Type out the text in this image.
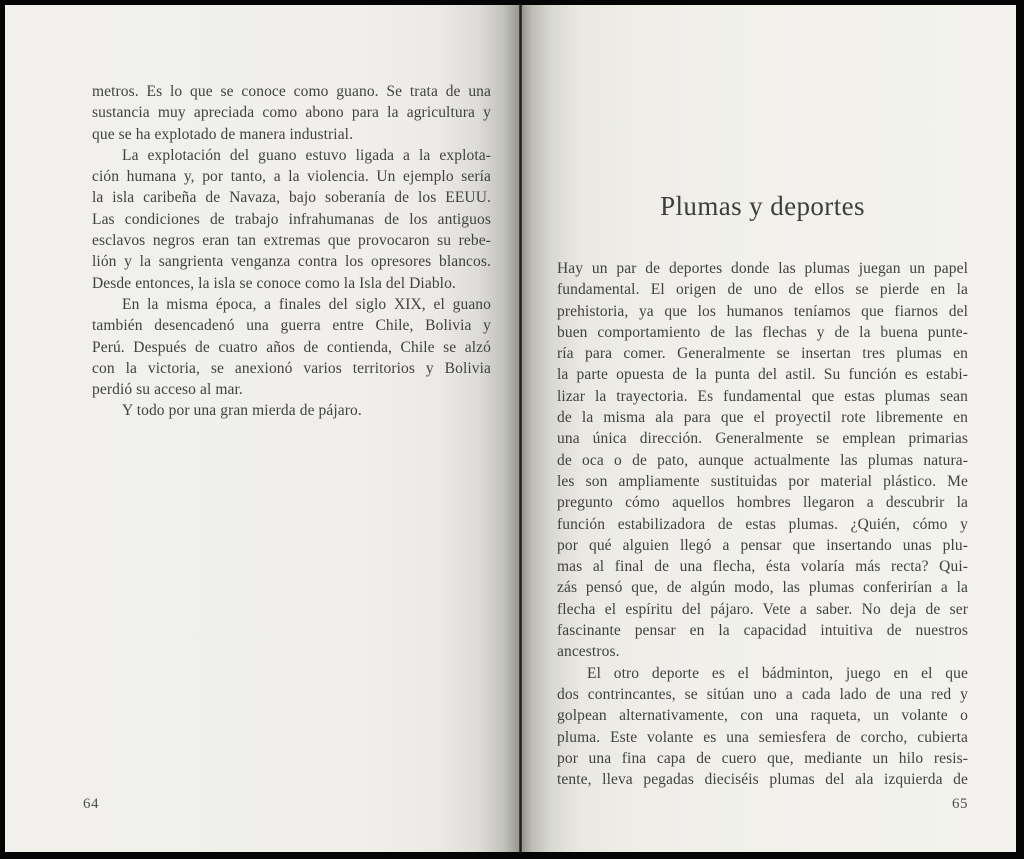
metros. Es lo que se conoce como guano. Se trata de una
sustancia muy apreciada como abono para la agricultura y
que se ha explotado de manera industrial.
La explotación del guano estuvo ligada a la explota-
ción humana y, por tanto, a la violencia. Un ejemplo sería
la isla caribeña de Navaza, bajo soberanía de los EEUU.
Las condiciones de trabajo infrahumanas de los antiguos
esclavos negros eran tan extremas que provocaron su rebe-
lión y la sangrienta venganza contra los opresores blancos.
Desde entonces, la isla se conoce como la Isla del Diablo.
En la misma época, a finales del siglo XIX, el guano
también desencadenó una guerra entre Chile, Bolivia y
Perú. Después de cuatro años de contienda, Chile se alzó
con la victoria, se anexionó varios territorios y Bolivia
perdió su acceso al mar.
Y todo por una gran mierda de pájaro.
64
Plumas y deportes
Hay un par de deportes donde las plumas juegan un papel
fundamental. El origen de uno de ellos se pierde en la
prehistoria, ya que los humanos teníamos que fiarnos del
buen comportamiento de las flechas y de la buena punte-
ría para comer. Generalmente se insertan tres plumas en
la parte opuesta de la punta del astil. Su función es estabi-
lizar la trayectoria. Es fundamental que estas plumas sean
de la misma ala para que el proyectil rote libremente en
una única dirección. Generalmente se emplean primarias
de oca o de pato, aunque actualmente las plumas natura-
les son ampliamente sustituidas por material plástico. Me
pregunto cómo aquellos hombres llegaron a descubrir la
función estabilizadora de estas plumas. ¿Quién, cómo y
por qué alguien llegó a pensar que insertando unas plu-
mas al final de una flecha, ésta volaría más recta? Qui-
zás pensó que, de algún modo, las plumas conferirían a la
flecha el espíritu del pájaro. Vete a saber. No deja de ser
fascinante pensar en la capacidad intuitiva de nuestros
ancestros.
El otro deporte es el bádminton, juego en el que
dos contrincantes, se sitúan uno a cada lado de una red y
golpean alternativamente, con una raqueta, un volante o
pluma. Este volante es una semiesfera de corcho, cubierta
por una fina capa de cuero que, mediante un hilo resis-
tente, lleva pegadas dieciséis plumas del ala izquierda de
65
